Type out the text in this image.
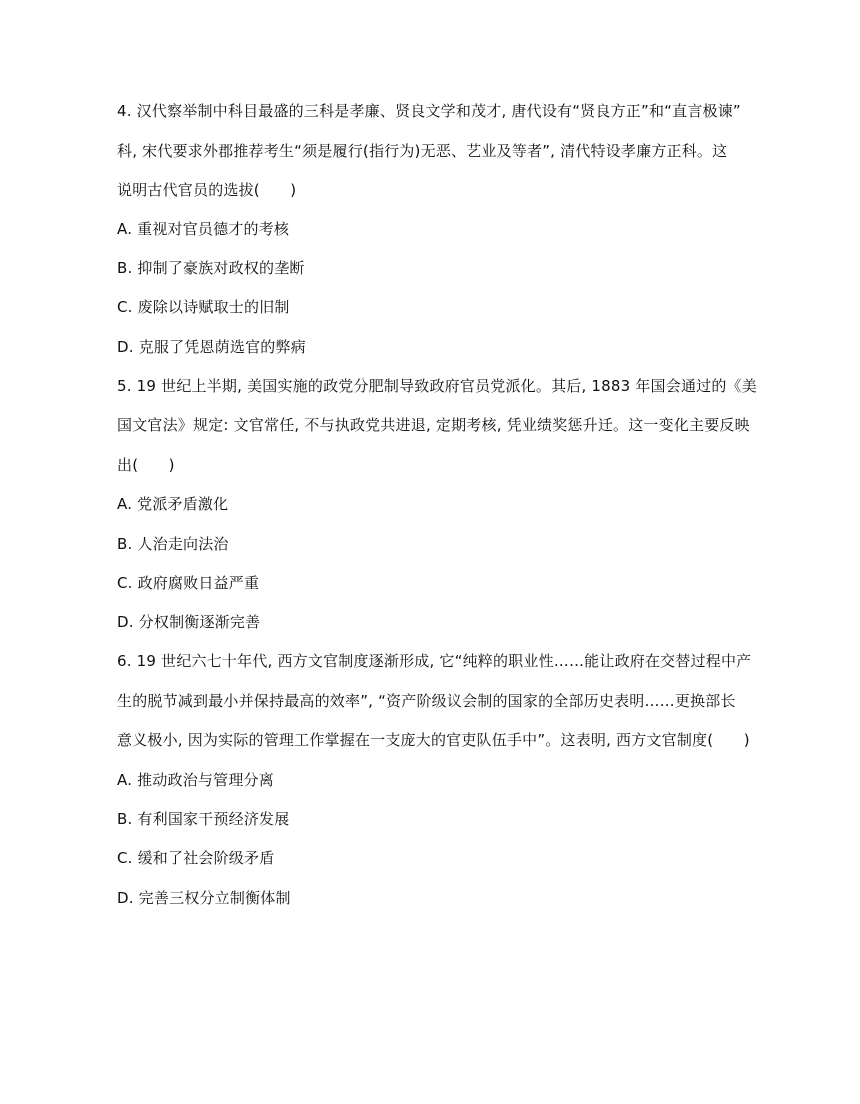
4. 汉代察举制中科目最盛的三科是孝廉、贤良文学和茂才, 唐代设有“贤良方正”和“直言极谏”
科, 宋代要求外郡推荐考生“须是履行(指行为)无恶、艺业及等者”, 清代特设孝廉方正科。这
说明古代官员的选拔(　　)
A. 重视对官员德才的考核
B. 抑制了豪族对政权的垄断
C. 废除以诗赋取士的旧制
D. 克服了凭恩荫选官的弊病
5. 19 世纪上半期, 美国实施的政党分肥制导致政府官员党派化。其后, 1883 年国会通过的《美
国文官法》规定: 文官常任, 不与执政党共进退, 定期考核, 凭业绩奖惩升迁。这一变化主要反映
出(　　)
A. 党派矛盾激化
B. 人治走向法治
C. 政府腐败日益严重
D. 分权制衡逐渐完善
6. 19 世纪六七十年代, 西方文官制度逐渐形成, 它“纯粹的职业性……能让政府在交替过程中产
生的脱节减到最小并保持最高的效率”, “资产阶级议会制的国家的全部历史表明……更换部长
意义极小, 因为实际的管理工作掌握在一支庞大的官吏队伍手中”。这表明, 西方文官制度(　　)
A. 推动政治与管理分离
B. 有利国家干预经济发展
C. 缓和了社会阶级矛盾
D. 完善三权分立制衡体制
